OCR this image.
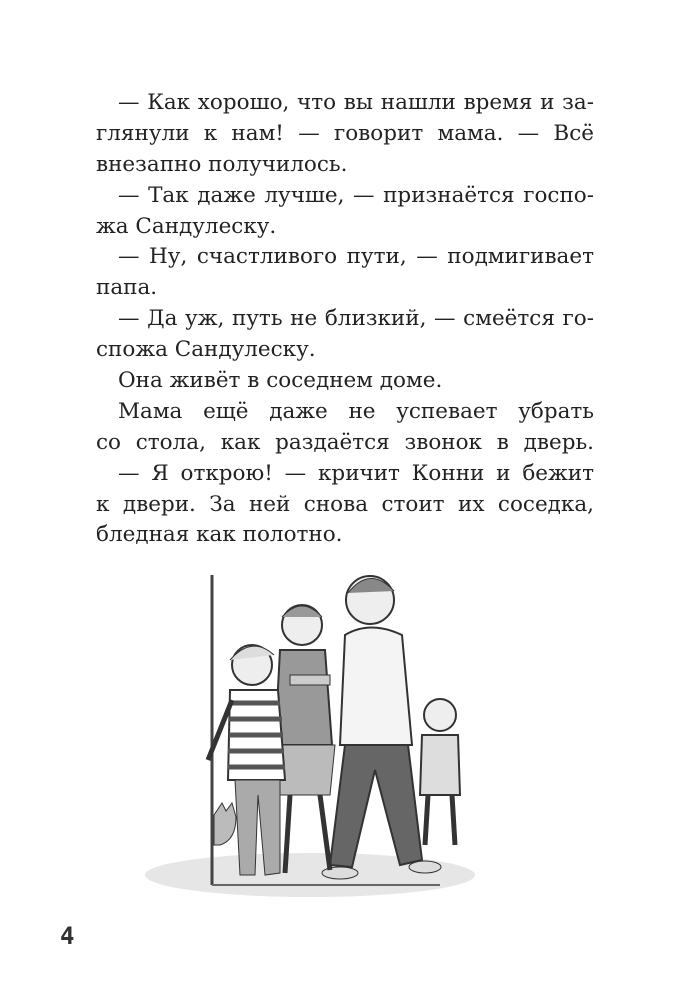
— Как хорошо, что вы нашли время и за-
глянули к нам! — говорит мама. — Всё
внезапно получилось.
— Так даже лучше, — признаётся госпо-
жа Сандулеску.
— Ну, счастливого пути, — подмигивает
папа.
— Да уж, путь не близкий, — смеётся го-
спожа Сандулеску.
Она живёт в соседнем доме.
Мама ещё даже не успевает убрать
со стола, как раздаётся звонок в дверь.
— Я открою! — кричит Конни и бежит
к двери. За ней снова стоит их соседка,
бледная как полотно.
4
